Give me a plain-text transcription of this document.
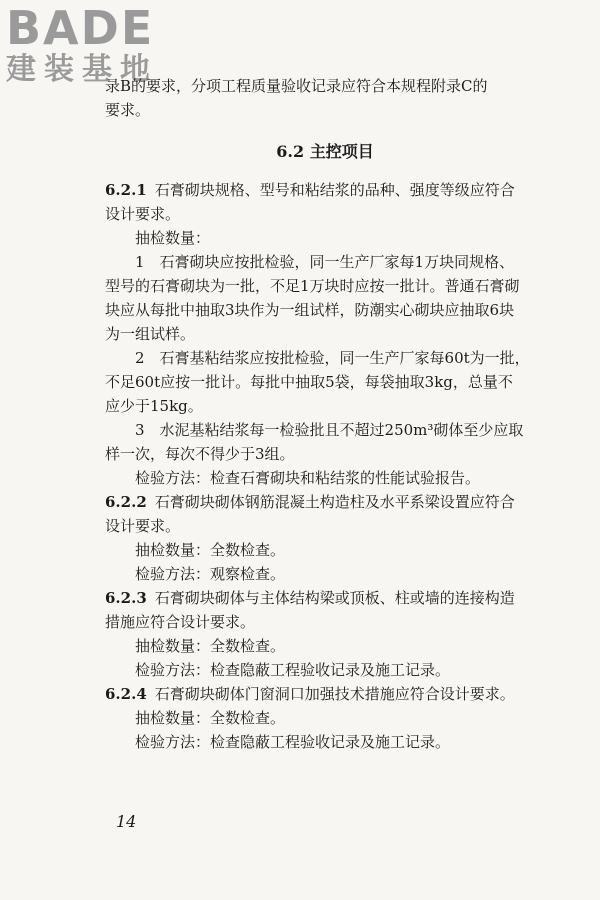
BADE
建装基地
录B的要求，分项工程质量验收记录应符合本规程附录C的
要求。
6.2 主控项目
6.2.1 石膏砌块规格、型号和粘结浆的品种、强度等级应符合
设计要求。
抽检数量：
1　石膏砌块应按批检验，同一生产厂家每1万块同规格、
型号的石膏砌块为一批，不足1万块时应按一批计。普通石膏砌
块应从每批中抽取3块作为一组试样，防潮实心砌块应抽取6块
为一组试样。
2　石膏基粘结浆应按批检验，同一生产厂家每60t为一批，
不足60t应按一批计。每批中抽取5袋，每袋抽取3kg，总量不
应少于15kg。
3　水泥基粘结浆每一检验批且不超过250m³砌体至少应取
样一次，每次不得少于3组。
检验方法：检查石膏砌块和粘结浆的性能试验报告。
6.2.2 石膏砌块砌体钢筋混凝土构造柱及水平系梁设置应符合
设计要求。
抽检数量：全数检查。
检验方法：观察检查。
6.2.3 石膏砌块砌体与主体结构梁或顶板、柱或墙的连接构造
措施应符合设计要求。
抽检数量：全数检查。
检验方法：检查隐蔽工程验收记录及施工记录。
6.2.4 石膏砌块砌体门窗洞口加强技术措施应符合设计要求。
抽检数量：全数检查。
检验方法：检查隐蔽工程验收记录及施工记录。
14
